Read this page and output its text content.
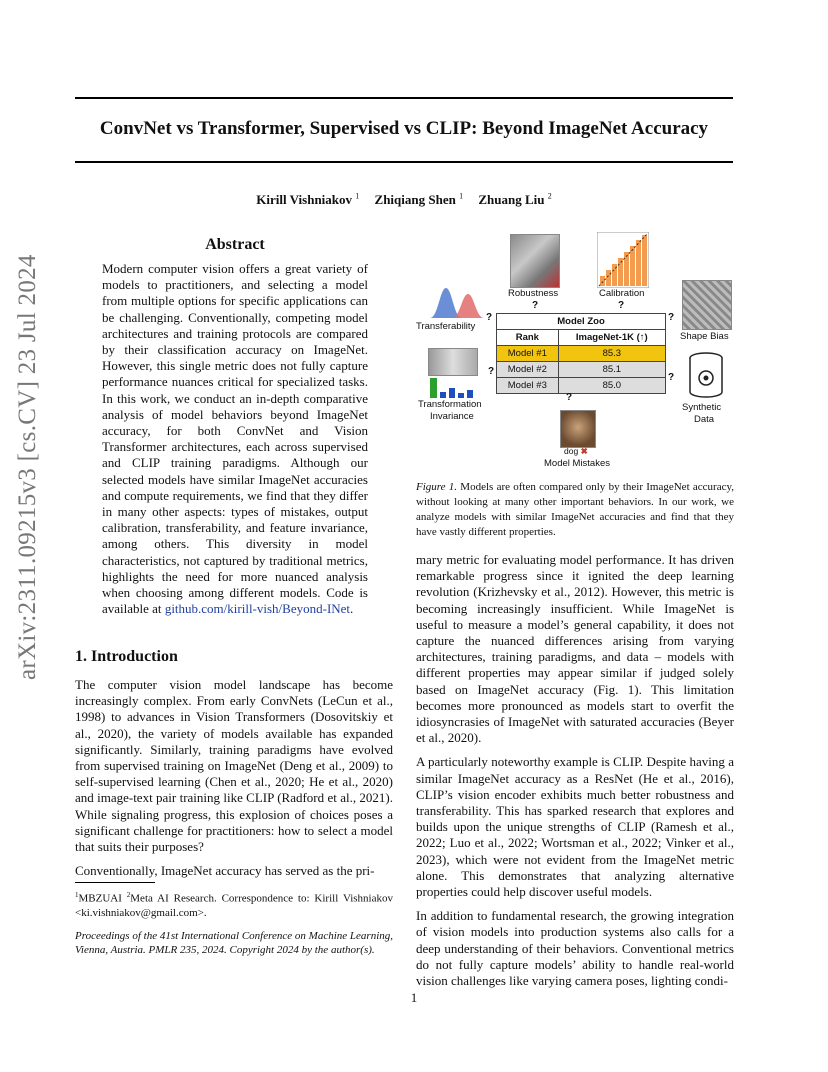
arXiv:2311.09215v3 [cs.CV] 23 Jul 2024
ConvNet vs Transformer, Supervised vs CLIP: Beyond ImageNet Accuracy
Kirill Vishniakov $^1$ Zhiqiang Shen $^1$ Zhuang Liu $^2$
Abstract
Modern computer vision offers a great variety of models to practitioners, and selecting a model from multiple options for specific applications can be challenging. Conventionally, competing model architectures and training protocols are compared by their classification accuracy on ImageNet. However, this single metric does not fully capture performance nuances critical for specialized tasks. In this work, we conduct an in-depth comparative analysis of model behaviors beyond ImageNet accuracy, for both ConvNet and Vision Transformer architectures, each across supervised and CLIP training paradigms. Although our selected models have similar ImageNet accuracies and compute requirements, we find that they differ in many other aspects: types of mistakes, output calibration, transferability, and feature invariance, among others. This diversity in model characteristics, not captured by traditional metrics, highlights the need for more nuanced analysis when choosing among different models. Code is available at github.com/kirill-vish/Beyond-INet.
1. Introduction

The computer vision model landscape has become increasingly complex. From early ConvNets (LeCun et al., 1998) to advances in Vision Transformers (Dosovitskiy et al., 2020), the variety of models available has expanded significantly. Similarly, training paradigms have evolved from supervised training on ImageNet (Deng et al., 2009) to self-supervised learning (Chen et al., 2020; He et al., 2020) and image-text pair training like CLIP (Radford et al., 2021). While signaling progress, this explosion of choices poses a significant challenge for practitioners: how to select a model that suits their purposes?

Conventionally, ImageNet accuracy has served as the pri-

$^1$MBZUAI $^2$Meta AI Research. Correspondence to: Kirill Vishniakov <ki.vishniakov@gmail.com>.
Proceedings of the 41st International Conference on Machine Learning, Vienna, Austria. PMLR 235, 2024. Copyright 2024 by the author(s).
Robustness	Calibration
?	?
Transferability
?
Shape Bias
?
Model Zoo	
Rank	ImageNet-1K (↑)
Model #1	85.3
Model #2	85.1
Model #3	85.0
Transformation
Invariance
?
Synthetic
Data
?
?
dog ✖
Model Mistakes
Figure 1. Models are often compared only by their ImageNet accuracy, without looking at many other important behaviors. In our work, we analyze models with similar ImageNet accuracies and find that they have vastly different properties.

mary metric for evaluating model performance. It has driven remarkable progress since it ignited the deep learning revolution (Krizhevsky et al., 2012). However, this metric is becoming increasingly insufficient. While ImageNet is useful to measure a model’s general capability, it does not capture the nuanced differences arising from varying architectures, training paradigms, and data – models with different properties may appear similar if judged solely based on ImageNet accuracy (Fig. 1). This limitation becomes more pronounced as models start to overfit the idiosyncrasies of ImageNet with saturated accuracies (Beyer et al., 2020).

A particularly noteworthy example is CLIP. Despite having a similar ImageNet accuracy as a ResNet (He et al., 2016), CLIP’s vision encoder exhibits much better robustness and transferability. This has sparked research that explores and builds upon the unique strengths of CLIP (Ramesh et al., 2022; Luo et al., 2022; Wortsman et al., 2022; Vinker et al., 2023), which were not evident from the ImageNet metric alone. This demonstrates that analyzing alternative properties could help discover useful models.

In addition to fundamental research, the growing integration of vision models into production systems also calls for a deep understanding of their behaviors. Conventional metrics do not fully capture models’ ability to handle real-world vision challenges like varying camera poses, lighting condi-

1
